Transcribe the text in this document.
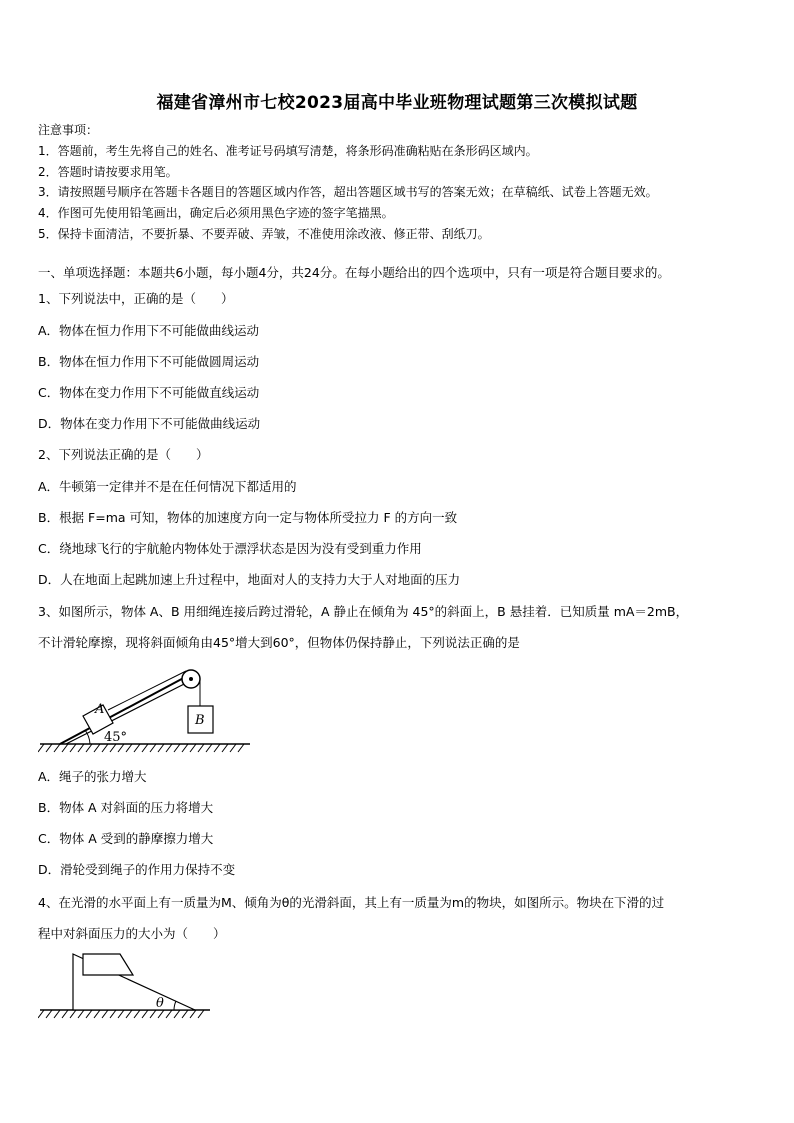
福建省漳州市七校2023届高中毕业班物理试题第三次模拟试题
注意事项：
1．答题前，考生先将自己的姓名、准考证号码填写清楚，将条形码准确粘贴在条形码区域内。
2．答题时请按要求用笔。
3．请按照题号顺序在答题卡各题目的答题区域内作答，超出答题区域书写的答案无效；在草稿纸、试卷上答题无效。
4．作图可先使用铅笔画出，确定后必须用黑色字迹的签字笔描黑。
5．保持卡面清洁，不要折暴、不要弄破、弄皱，不准使用涂改液、修正带、刮纸刀。
一、单项选择题：本题共6小题，每小题4分，共24分。在每小题给出的四个选项中，只有一项是符合题目要求的。
1、下列说法中，正确的是（　　）
A．物体在恒力作用下不可能做曲线运动
B．物体在恒力作用下不可能做圆周运动
C．物体在变力作用下不可能做直线运动
D．物体在变力作用下不可能做曲线运动
2、下列说法正确的是（　　）
A．牛顿第一定律并不是在任何情况下都适用的
B．根据 F=ma 可知，物体的加速度方向一定与物体所受拉力 F 的方向一致
C．绕地球飞行的宇航舱内物体处于漂浮状态是因为没有受到重力作用
D．人在地面上起跳加速上升过程中，地面对人的支持力大于人对地面的压力
3、如图所示，物体 A、B 用细绳连接后跨过滑轮，A 静止在倾角为 45°的斜面上，B 悬挂着．已知质量 mA＝2mB，
不计滑轮摩擦，现将斜面倾角由45°增大到60°，但物体仍保持静止，下列说法正确的是
A
B
45°
A．绳子的张力增大
B．物体 A 对斜面的压力将增大
C．物体 A 受到的静摩擦力增大
D．滑轮受到绳子的作用力保持不变
4、在光滑的水平面上有一质量为M、倾角为θ的光滑斜面，其上有一质量为m的物块，如图所示。物块在下滑的过
程中对斜面压力的大小为（　　）
θ
